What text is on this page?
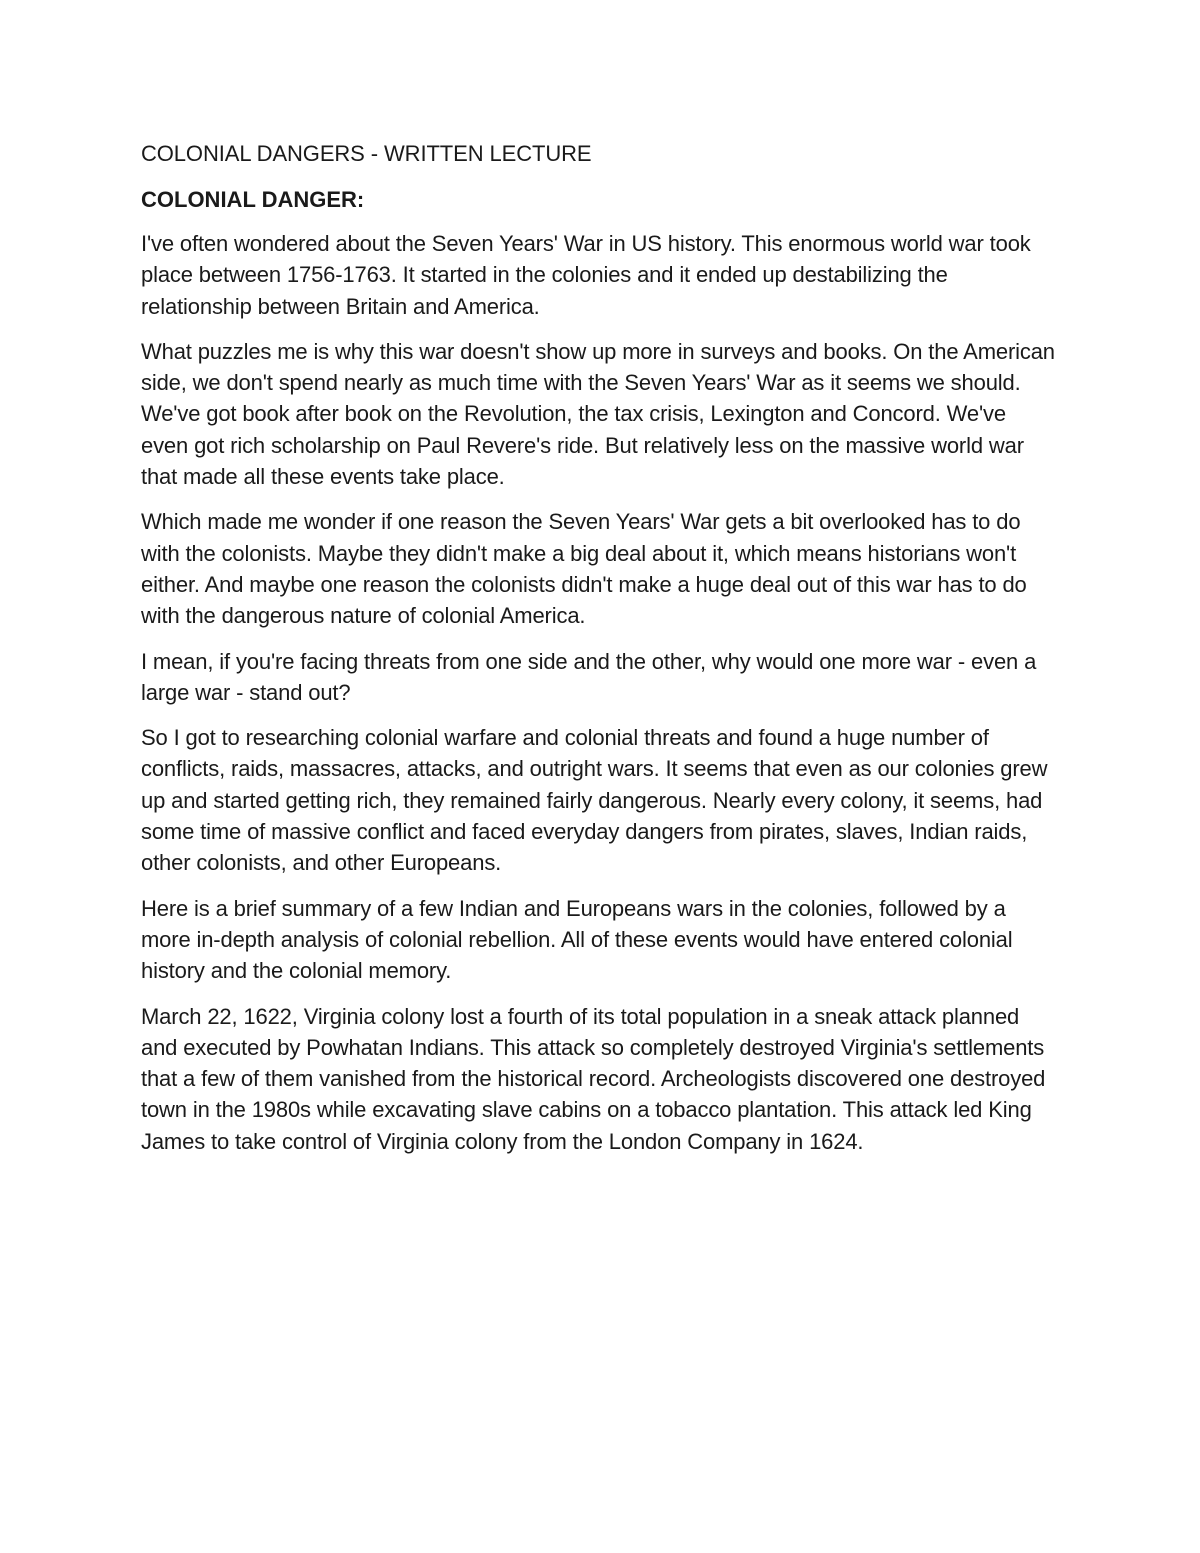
COLONIAL DANGERS - WRITTEN LECTURE
COLONIAL DANGER:

I've often wondered about the Seven Years' War in US history. This enormous world war took place between 1756-1763. It started in the colonies and it ended up destabilizing the relationship between Britain and America.

What puzzles me is why this war doesn't show up more in surveys and books. On the American side, we don't spend nearly as much time with the Seven Years' War as it seems we should. We've got book after book on the Revolution, the tax crisis, Lexington and Concord. We've even got rich scholarship on Paul Revere's ride. But relatively less on the massive world war that made all these events take place.

Which made me wonder if one reason the Seven Years' War gets a bit overlooked has to do with the colonists. Maybe they didn't make a big deal about it, which means historians won't either. And maybe one reason the colonists didn't make a huge deal out of this war has to do with the dangerous nature of colonial America.

I mean, if you're facing threats from one side and the other, why would one more war - even a large war - stand out?

So I got to researching colonial warfare and colonial threats and found a huge number of conflicts, raids, massacres, attacks, and outright wars. It seems that even as our colonies grew up and started getting rich, they remained fairly dangerous. Nearly every colony, it seems, had some time of massive conflict and faced everyday dangers from pirates, slaves, Indian raids, other colonists, and other Europeans.

Here is a brief summary of a few Indian and Europeans wars in the colonies, followed by a more in-depth analysis of colonial rebellion. All of these events would have entered colonial history and the colonial memory.

March 22, 1622, Virginia colony lost a fourth of its total population in a sneak attack planned and executed by Powhatan Indians. This attack so completely destroyed Virginia's settlements that a few of them vanished from the historical record. Archeologists discovered one destroyed town in the 1980s while excavating slave cabins on a tobacco plantation. This attack led King James to take control of Virginia colony from the London Company in 1624.
